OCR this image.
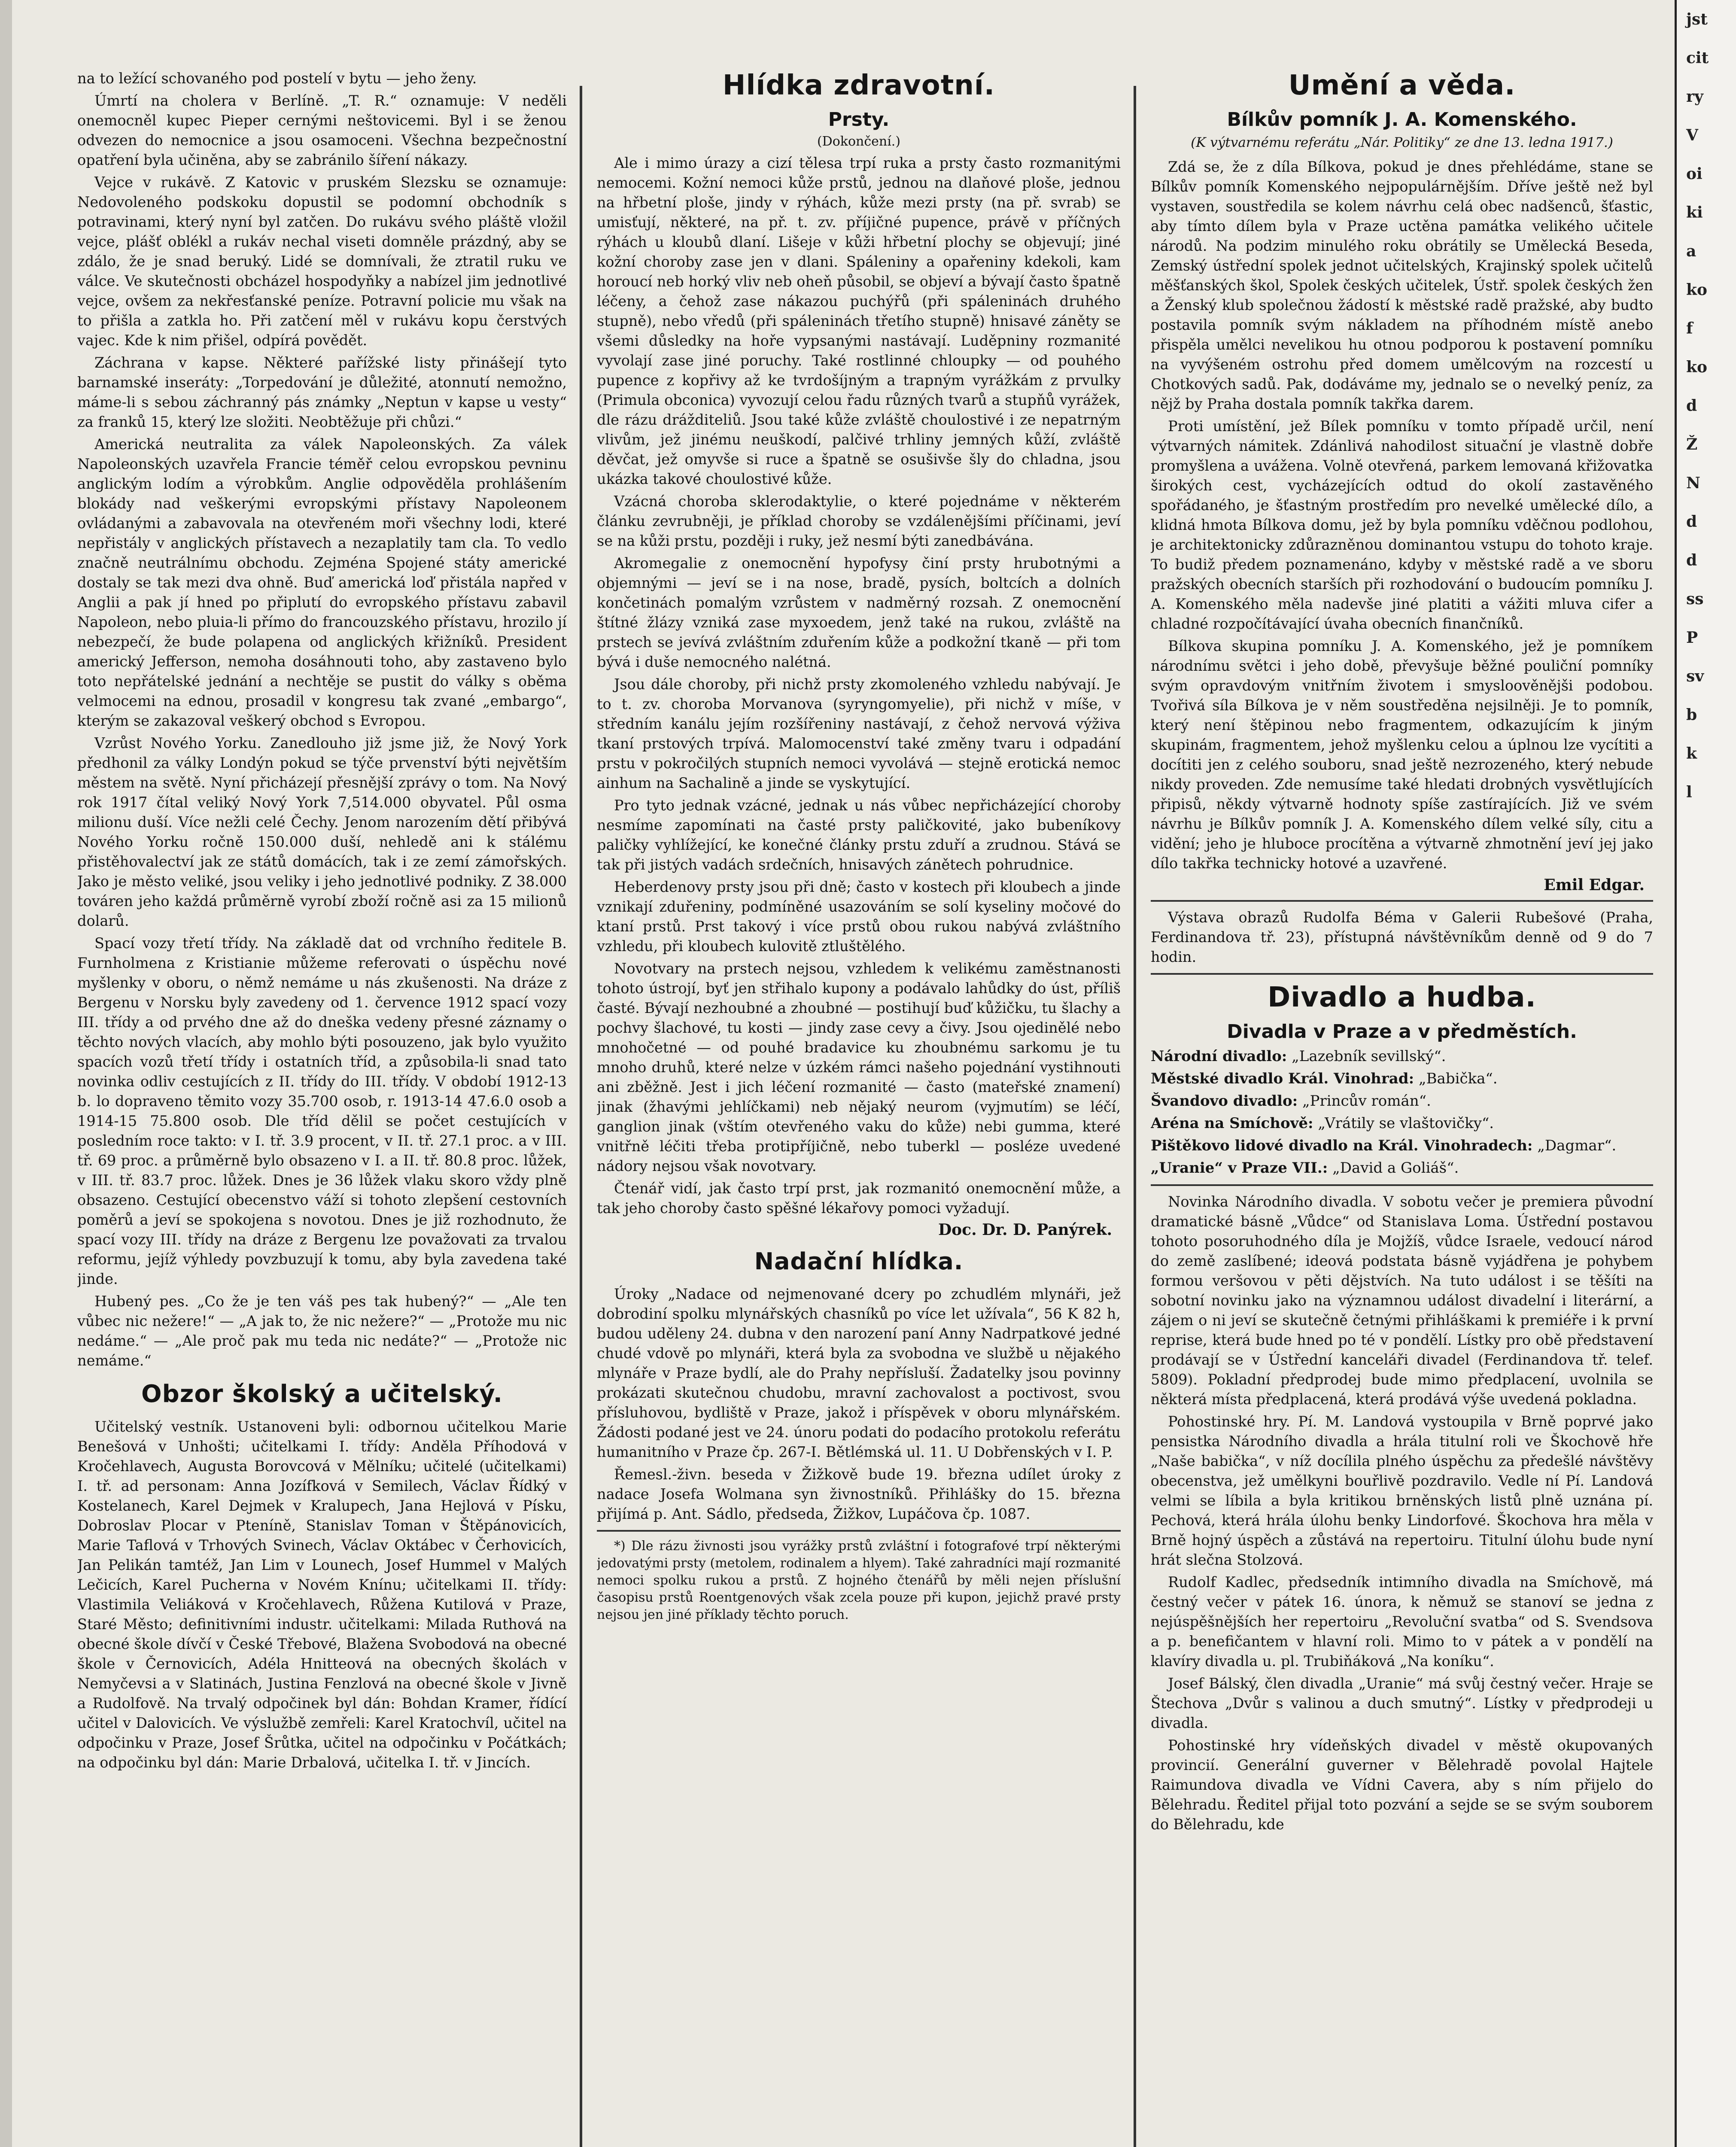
na to ležící schovaného pod postelí v bytu — jeho ženy.

Úmrtí na cholera v Berlíně. „T. R.“ oznamuje: V neděli onemocněl kupec Pieper cernými neštovicemi. Byl i se ženou odvezen do nemocnice a jsou osamoceni. Všechna bezpečnostní opatření byla učiněna, aby se zabránilo šíření nákazy.

Vejce v rukávě. Z Katovic v pruském Slezsku se oznamuje: Nedovoleného podskoku dopustil se podomní obchodník s potravinami, který nyní byl zatčen. Do rukávu svého pláště vložil vejce, plášť oblékl a rukáv nechal viseti domněle prázdný, aby se zdálo, že je snad beruký. Lidé se domnívali, že ztratil ruku ve válce. Ve skutečnosti obcházel hospodyňky a nabízel jim jednotlivé vejce, ovšem za nekřesťanské peníze. Potravní policie mu však na to přišla a zatkla ho. Při zatčení měl v rukávu kopu čerstvých vajec. Kde k nim přišel, odpírá povědět.

Záchrana v kapse. Některé pařížské listy přinášejí tyto barnamské inseráty: „Torpedování je důležité, atonnutí nemožno, máme-li s sebou záchranný pás známky „Neptun v kapse u vesty“ za franků 15, který lze složiti. Neobtěžuje při chůzi.“

Americká neutralita za válek Napoleonských. Za válek Napoleonských uzavřela Francie téměř celou evropskou pevninu anglickým lodím a výrobkům. Anglie odpověděla prohlášením blokády nad veškerými evropskými přístavy Napoleonem ovládanými a zabavovala na otevřeném moři všechny lodi, které nepřistály v anglických přístavech a nezaplatily tam cla. To vedlo značně neutrálnímu obchodu. Zejména Spojené státy americké dostaly se tak mezi dva ohně. Buď americká loď přistála napřed v Anglii a pak jí hned po připlutí do evropského přístavu zabavil Napoleon, nebo pluia-li přímo do francouzského přístavu, hrozilo jí nebezpečí, že bude polapena od anglických křižníků. President americký Jefferson, nemoha dosáhnouti toho, aby zastaveno bylo toto nepřátelské jednání a nechtěje se pustit do války s oběma velmocemi na ednou, prosadil v kongresu tak zvané „embargo“, kterým se zakazoval veškerý obchod s Evropou.

Vzrůst Nového Yorku. Zanedlouho již jsme již, že Nový York předhonil za války Londýn pokud se týče prvenství býti největším městem na světě. Nyní přicházejí přesnější zprávy o tom. Na Nový rok 1917 čítal veliký Nový York 7,514.000 obyvatel. Půl osma milionu duší. Více nežli celé Čechy. Jenom narozením dětí přibývá Nového Yorku ročně 150.000 duší, nehledě ani k stálému přistěhovalectví jak ze států domácích, tak i ze zemí zámořských. Jako je město veliké, jsou veliky i jeho jednotlivé podniky. Z 38.000 továren jeho každá průměrně vyrobí zboží ročně asi za 15 milionů dolarů.

Spací vozy třetí třídy. Na základě dat od vrchního ředitele B. Furnholmena z Kristianie můžeme referovati o úspěchu nové myšlenky v oboru, o němž nemáme u nás zkušenosti. Na dráze z Bergenu v Norsku byly zavedeny od 1. července 1912 spací vozy III. třídy a od prvého dne až do dneška vedeny přesné záznamy o těchto nových vlacích, aby mohlo býti posouzeno, jak bylo využito spacích vozů třetí třídy i ostatních tříd, a způsobila-li snad tato novinka odliv cestujících z II. třídy do III. třídy. V období 1912-13 b. lo dopraveno těmito vozy 35.700 osob, r. 1913-14 47.6.0 osob a 1914-15 75.800 osob. Dle tříd dělil se počet cestujících v posledním roce takto: v I. tř. 3.9 procent, v II. tř. 27.1 proc. a v III. tř. 69 proc. a průměrně bylo obsazeno v I. a II. tř. 80.8 proc. lůžek, v III. tř. 83.7 proc. lůžek. Dnes je 36 lůžek vlaku skoro vždy plně obsazeno. Cestující obecenstvo váží si tohoto zlepšení cestovních poměrů a jeví se spokojena s novotou. Dnes je již rozhodnuto, že spací vozy III. třídy na dráze z Bergenu lze považovati za trvalou reformu, jejíž výhledy povzbuzují k tomu, aby byla zavedena také jinde.

Hubený pes. „Co že je ten váš pes tak hubený?“ — „Ale ten vůbec nic nežere!“ — „A jak to, že nic nežere?“ — „Protože mu nic nedáme.“ — „Ale proč pak mu teda nic nedáte?“ — „Protože nic nemáme.“

Obzor školský a učitelský.

Učitelský vestník. Ustanoveni byli: odbornou učitelkou Marie Benešová v Unhošti; učitelkami I. třídy: Anděla Příhodová v Kročehlavech, Augusta Borovcová v Mělníku; učitelé (učitelkami) I. tř. ad personam: Anna Jozífková v Semilech, Václav Řídký v Kostelanech, Karel Dejmek v Kralupech, Jana Hejlová v Písku, Dobroslav Plocar v Pteníně, Stanislav Toman v Štěpánovicích, Marie Taflová v Trhových Svinech, Václav Oktábec v Čerhovicích, Jan Pelikán tamtéž, Jan Lim v Lounech, Josef Hummel v Malých Lečicích, Karel Pucherna v Novém Knínu; učitelkami II. třídy: Vlastimila Veliáková v Kročehlavech, Růžena Kutilová v Praze, Staré Město; definitivními industr. učitelkami: Milada Ruthová na obecné škole dívčí v České Třebové, Blažena Svobodová na obecné škole v Černovicích, Adéla Hnitteová na obecných školách v Nemyčevsi a v Slatinách, Justina Fenzlová na obecné škole v Jivně a Rudolfově. Na trvalý odpočinek byl dán: Bohdan Kramer, řídící učitel v Dalovicích. Ve výslužbě zemřeli: Karel Kratochvíl, učitel na odpočinku v Praze, Josef Šrůtka, učitel na odpočinku v Počátkách; na odpočinku byl dán: Marie Drbalová, učitelka I. tř. v Jincích.

Hlídka zdravotní.
Prsty.
(Dokončení.)

Ale i mimo úrazy a cizí tělesa trpí ruka a prsty často rozmanitými nemocemi. Kožní nemoci kůže prstů, jednou na dlaňové ploše, jednou na hřbetní ploše, jindy v rýhách, kůže mezi prsty (na př. svrab) se umisťují, některé, na př. t. zv. příjičné pupence, právě v příčných rýhách u kloubů dlaní. Lišeje v kůži hřbetní plochy se objevují; jiné kožní choroby zase jen v dlani. Spáleniny a opařeniny kdekoli, kam horoucí neb horký vliv neb oheň působil, se objeví a bývají často špatně léčeny, a čehož zase nákazou puchýřů (při spáleninách druhého stupně), nebo vředů (při spáleninách třetího stupně) hnisavé záněty se všemi důsledky na hoře vypsanými nastávají. Luděpniny rozmanité vyvolají zase jiné poruchy. Také rostlinné chloupky — od pouhého pupence z kopřivy až ke tvrdošíjným a trapným vyrážkám z prvulky (Primula obconica) vyvozují celou řadu různých tvarů a stupňů vyrážek, dle rázu drážditeliů. Jsou také kůže zvláště choulostivé i ze nepatrným vlivům, jež jinému neuškodí, palčivé trhliny jemných kůží, zvláště děvčat, jež omyvše si ruce a špatně se osušivše šly do chladna, jsou ukázka takové choulostivé kůže.

Vzácná choroba sklerodaktylie, o které pojednáme v některém článku zevrubněji, je příklad choroby se vzdálenějšími příčinami, jeví se na kůži prstu, později i ruky, jež nesmí býti zanedbávána.

Akromegalie z onemocnění hypofysy činí prsty hrubotnými a objemnými — jeví se i na nose, bradě, pysích, boltcích a dolních končetinách pomalým vzrůstem v nadměrný rozsah. Z onemocnění štítné žlázy vzniká zase myxoedem, jenž také na rukou, zvláště na prstech se jevívá zvláštním zduřením kůže a podkožní tkaně — při tom bývá i duše nemocného nalétná.

Jsou dále choroby, při nichž prsty zkomoleného vzhledu nabývají. Je to t. zv. choroba Morvanova (syryngomyelie), při nichž v míše, v středním kanálu jejím rozšířeniny nastávají, z čehož nervová výživa tkaní prstových trpívá. Malomocenství také změny tvaru i odpadání prstu v pokročilých stupních nemoci vyvolává — stejně erotická nemoc ainhum na Sachalině a jinde se vyskytující.

Pro tyto jednak vzácné, jednak u nás vůbec nepřicházející choroby nesmíme zapomínati na časté prsty paličkovité, jako bubeníkovy paličky vyhlížející, ke konečné články prstu zduří a zrudnou. Stává se tak při jistých vadách srdečních, hnisavých zánětech pohrudnice.

Heberdenovy prsty jsou při dně; často v kostech při kloubech a jinde vznikají zduřeniny, podmíněné usazováním se solí kyseliny močové do ktaní prstů. Prst takový i více prstů obou rukou nabývá zvláštního vzhledu, při kloubech kulovitě ztluštělého.

Novotvary na prstech nejsou, vzhledem k velikému zaměstnanosti tohoto ústrojí, byť jen střihalo kupony a podávalo lahůdky do úst, příliš časté. Bývají nezhoubné a zhoubné — postihují buď kůžičku, tu šlachy a pochvy šlachové, tu kosti — jindy zase cevy a čivy. Jsou ojedinělé nebo mnohočetné — od pouhé bradavice ku zhoubnému sarkomu je tu mnoho druhů, které nelze v úzkém rámci našeho pojednání vystihnouti ani zběžně. Jest i jich léčení rozmanité — často (mateřské znamení) jinak (žhavými jehlíčkami) neb nějaký neurom (vyjmutím) se léčí, ganglion jinak (vštím otevřeného vaku do kůže) nebi gumma, které vnitřně léčiti třeba protipříjičně, nebo tuberkl — posléze uvedené nádory nejsou však novotvary.

Čtenář vidí, jak často trpí prst, jak rozmanitó onemocnění může, a tak jeho choroby často spěšné lékařovy pomoci vyžadují.

Doc. Dr. D. Panýrek.
Nadační hlídka.

Úroky „Nadace od nejmenované dcery po zchudlém mlynáři, jež dobrodiní spolku mlynářských chasníků po více let užívala“, 56 K 82 h, budou uděleny 24. dubna v den narození paní Anny Nadrpatkové jedné chudé vdově po mlynáři, která byla za svobodna ve službě u nějakého mlynáře v Praze bydlí, ale do Prahy nepřísluší. Žadatelky jsou povinny prokázati skutečnou chudobu, mravní zachovalost a poctivost, svou přísluhovou, bydliště v Praze, jakož i příspěvek v oboru mlynářském. Žádosti podané jest ve 24. únoru podati do podacího protokolu referátu humanitního v Praze čp. 267-I. Bětlémská ul. 11. U Dobřenských v I. P.

Řemesl.-živn. beseda v Žižkově bude 19. března udílet úroky z nadace Josefa Wolmana syn živnostníků. Přihlášky do 15. března přijímá p. Ant. Sádlo, předseda, Žižkov, Lupáčova čp. 1087.

*) Dle rázu živnosti jsou vyrážky prstů zvláštní i fotografové trpí některými jedovatými prsty (metolem, rodinalem a hlyem). Také zahradníci mají rozmanité nemoci spolku rukou a prstů. Z hojného čtenářů by měli nejen příslušní časopisu prstů Roentgenových však zcela pouze při kupon, jejichž pravé prsty nejsou jen jiné příklady těchto poruch.

Umění a věda.
Bílkův pomník J. A. Komenského.

(K výtvarnému referátu „Nár. Politiky“ ze dne 13. ledna 1917.)

Zdá se, že z díla Bílkova, pokud je dnes přehlédáme, stane se Bílkův pomník Komenského nejpopulárnějším. Dříve ještě než byl vystaven, soustředila se kolem návrhu celá obec nadšenců, šťastic, aby tímto dílem byla v Praze uctěna památka velikého učitele národů. Na podzim minulého roku obrátily se Umělecká Beseda, Zemský ústřední spolek jednot učitelských, Krajinský spolek učitelů měšťanských škol, Spolek českých učitelek, Ústř. spolek českých žen a Ženský klub společnou žádostí k městské radě pražské, aby budto postavila pomník svým nákladem na příhodném místě anebo přispěla umělci nevelikou hu otnou podporou k postavení pomníku na vyvýšeném ostrohu před domem umělcovým na rozcestí u Chotkových sadů. Pak, dodáváme my, jednalo se o nevelký peníz, za nějž by Praha dostala pomník takřka darem.

Proti umístění, jež Bílek pomníku v tomto případě určil, není výtvarných námitek. Zdánlivá nahodilost situační je vlastně dobře promyšlena a uvážena. Volně otevřená, parkem lemovaná křižovatka širokých cest, vycházejících odtud do okolí zastavěného spořádaného, je šťastným prostředím pro nevelké umělecké dílo, a klidná hmota Bílkova domu, jež by byla pomníku vděčnou podlohou, je architektonicky zdůrazněnou dominantou vstupu do tohoto kraje. To budiž předem poznamenáno, kdyby v městské radě a ve sboru pražských obecních starších při rozhodování o budoucím pomníku J. A. Komenského měla nadevše jiné platiti a vážiti mluva cifer a chladné rozpočítávající úvaha obecních finančníků.

Bílkova skupina pomníku J. A. Komenského, jež je pomníkem národnímu světci i jeho době, převyšuje běžné pouliční pomníky svým opravdovým vnitřním životem i smysloověnějši podobou. Tvořivá síla Bílkova je v něm soustředěna nejsilněji. Je to pomník, který není štěpinou nebo fragmentem, odkazujícím k jiným skupinám, fragmentem, jehož myšlenku celou a úplnou lze vycítiti a docítiti jen z celého souboru, snad ještě nezrozeného, který nebude nikdy proveden. Zde nemusíme také hledati drobných vysvětlujících připisů, někdy výtvarně hodnoty spíše zastírajících. Již ve svém návrhu je Bílkův pomník J. A. Komenského dílem velké síly, citu a vidění; jeho je hluboce procítěna a výtvarně zhmotnění jeví jej jako dílo takřka technicky hotové a uzavřené.

Emil Edgar.

Výstava obrazů Rudolfa Béma v Galerii Rubešové (Praha, Ferdinandova tř. 23), přístupná návštěvníkům denně od 9 do 7 hodin.

Divadlo a hudba.
Divadla v Praze a v předměstích.
Národní divadlo: „Lazebník sevillský“.
Městské divadlo Král. Vinohrad: „Babička“.
Švandovo divadlo: „Princův román“.
Aréna na Smíchově: „Vrátily se vlaštovičky“.
Pištěkovo lidové divadlo na Král. Vinohradech: „Dagmar“.
„Uranie“ v Praze VII.: „David a Goliáš“.

Novinka Národního divadla. V sobotu večer je premiera původní dramatické básně „Vůdce“ od Stanislava Loma. Ústřední postavou tohoto posoruhodného díla je Mojžíš, vůdce Israele, vedoucí národ do země zaslíbené; ideová podstata básně vyjádřena je pohybem formou veršovou v pěti dějstvích. Na tuto událost i se těšíti na sobotní novinku jako na významnou událost divadelní i literární, a zájem o ni jeví se skutečně četnými přihláškami k premiéře i k první reprise, která bude hned po té v pondělí. Lístky pro obě představení prodávají se v Ústřední kanceláři divadel (Ferdinandova tř. telef. 5809). Pokladní předprodej bude mimo předplacení, uvolnila se některá místa předplacená, která prodává výše uvedená pokladna.

Pohostinské hry. Pí. M. Landová vystoupila v Brně poprvé jako pensistka Národního divadla a hrála titulní roli ve Škochově hře „Naše babička“, v níž docílila plného úspěchu za předešlé návštěvy obecenstva, jež umělkyni bouřlivě pozdravilo. Vedle ní Pí. Landová velmi se líbila a byla kritikou brněnských listů plně uznána pí. Pechová, která hrála úlohu benky Lindorfové. Škochova hra měla v Brně hojný úspěch a zůstává na repertoiru. Titulní úlohu bude nyní hrát slečna Stolzová.

Rudolf Kadlec, předsedník intimního divadla na Smíchově, má čestný večer v pátek 16. února, k němuž se stanoví se jedna z nejúspěšnějších her repertoiru „Revoluční svatba“ od S. Svendsova a p. benefičantem v hlavní roli. Mimo to v pátek a v pondělí na klavíry divadla u. pl. Trubiňáková „Na koníku“.

Josef Bálský, člen divadla „Uranie“ má svůj čestný večer. Hraje se Štechova „Dvůr s valinou a duch smutný“. Lístky v předprodeji u divadla.

Pohostinské hry vídeňských divadel v městě okupovaných provincií. Generální guverner v Bělehradě povolal Hajtele Raimundova divadla ve Vídni Cavera, aby s ním přijelo do Bělehradu. Ředitel přijal toto pozvání a sejde se se svým souborem do Bělehradu, kde

jst
cit
ry
V
oi
ki
a
ko
f
ko
d
Ž
N
d
d
ss
P
sv
b
k
l
